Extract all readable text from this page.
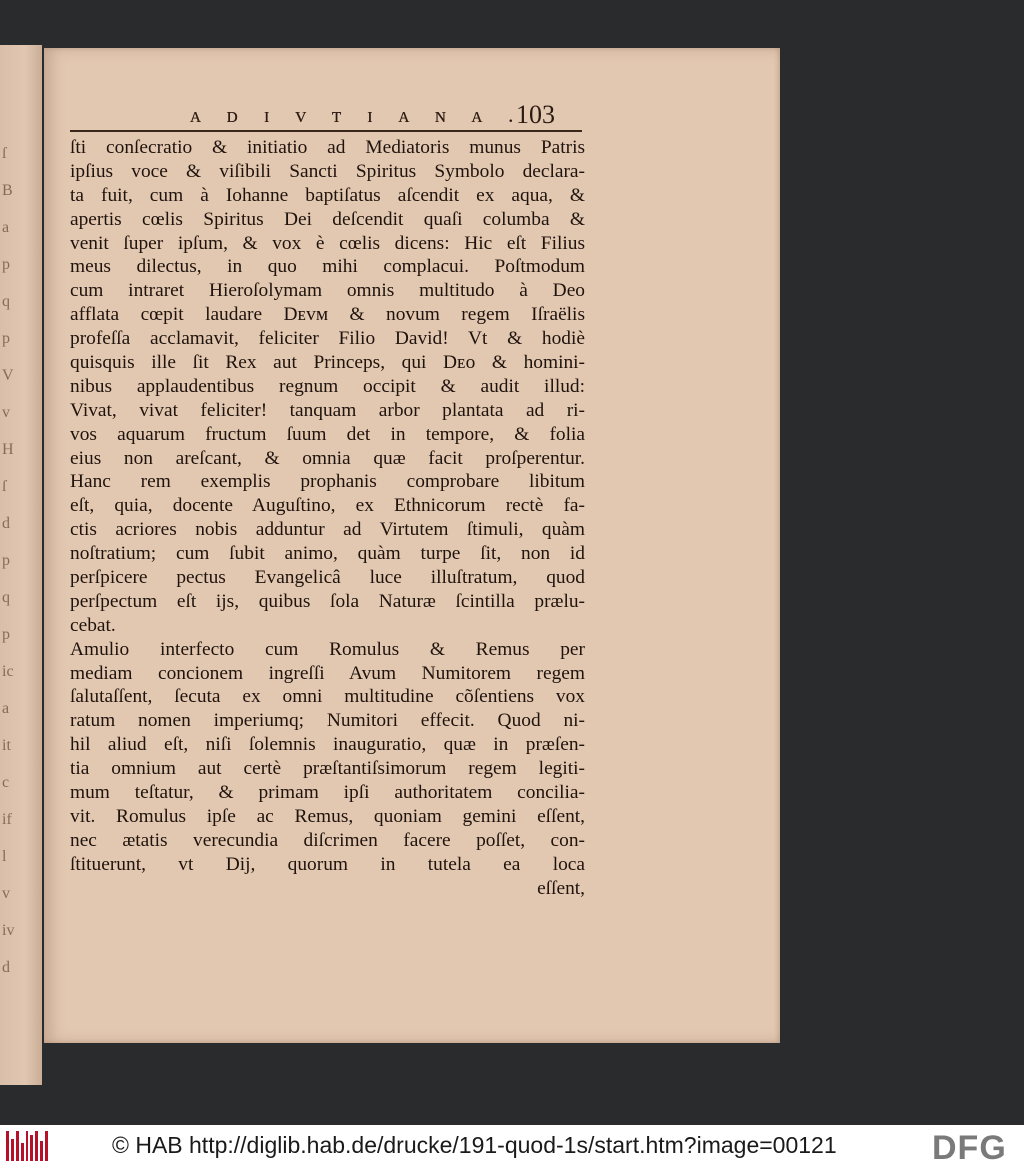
ſ
B
a
p
q
p
V
v
H
ſ
d
p
q
p
ic
a
it
c
if
l
v
iv
d
ᴀ ᴅ ɪ ᴠ ᴛ ɪ ᴀ ɴ ᴀ .
103
ſti conſecratio & initiatio ad Mediatoris munus Patris
ipſius voce & viſibili Sancti Spiritus Symbolo declara-
ta fuit, cum à Iohanne baptiſatus aſcendit ex aqua, &
apertis cœlis Spiritus Dei deſcendit quaſi columba &
venit ſuper ipſum, & vox è cœlis dicens: Hic eſt Filius
meus dilectus, in quo mihi complacui. Poſtmodum
cum intraret Hieroſolymam omnis multitudo à Deo
afflata cœpit laudare Dᴇᴠᴍ & novum regem Iſraëlis
profeſſa acclamavit, feliciter Filio David! Vt & hodiè
quisquis ille ſit Rex aut Princeps, qui Dᴇᴏ & homini-
nibus applaudentibus regnum occipit & audit illud:
Vivat, vivat feliciter! tanquam arbor plantata ad ri-
vos aquarum fructum ſuum det in tempore, & folia
eius non areſcant, & omnia quæ facit proſperentur.
Hanc rem exemplis prophanis comprobare libitum
eſt, quia, docente Auguſtino, ex Ethnicorum rectè fa-
ctis acriores nobis adduntur ad Virtutem ſtimuli, quàm
noſtratium; cum ſubit animo, quàm turpe ſit, non id
perſpicere pectus Evangelicâ luce illuſtratum, quod
perſpectum eſt ijs, quibus ſola Naturæ ſcintilla prælu-
cebat.
Amulio interfecto cum Romulus & Remus per
mediam concionem ingreſſi Avum Numitorem regem
ſalutaſſent, ſecuta ex omni multitudine cõſentiens vox
ratum nomen imperiumq; Numitori effecit. Quod ni-
hil aliud eſt, niſi ſolemnis inauguratio, quæ in præſen-
tia omnium aut certè præſtantiſsimorum regem legiti-
mum teſtatur, & primam ipſi authoritatem concilia-
vit. Romulus ipſe ac Remus, quoniam gemini eſſent,
nec ætatis verecundia diſcrimen facere poſſet, con-
ſtituerunt, vt Dij, quorum in tutela ea loca
eſſent,
© HAB http://diglib.hab.de/drucke/191-quod-1s/start.htm?image=00121	DFG
